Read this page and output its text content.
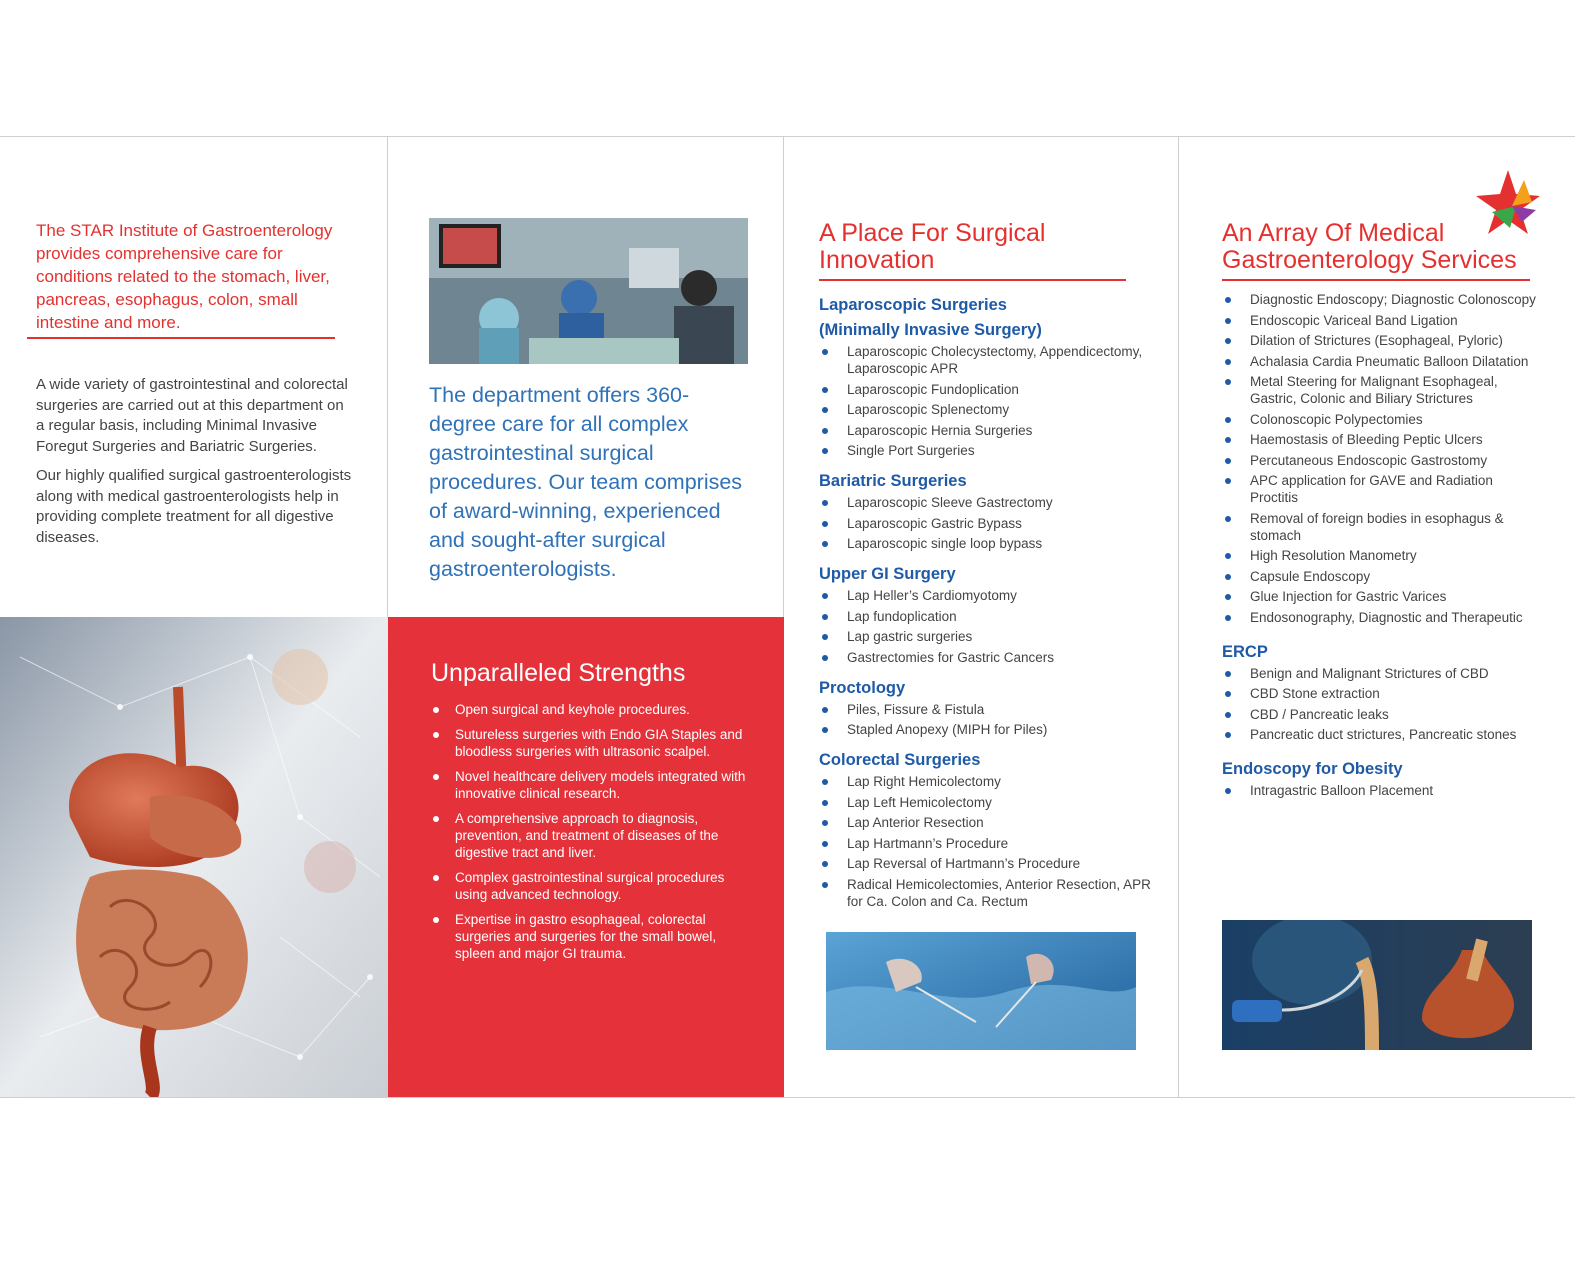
The STAR Institute of Gastroenterology provides comprehensive care for conditions related to the stomach, liver, pancreas, esophagus, colon, small intestine and more.

A wide variety of gastrointestinal and colorectal surgeries are carried out at this department on a regular basis, including Minimal Invasive Foregut Surgeries and Bariatric Surgeries.

Our highly qualified surgical gastroenterologists along with medical gastroenterologists help in providing complete treatment for all digestive diseases.

The department offers 360-degree care for all complex gastrointestinal surgical procedures. Our team comprises of award-winning, experienced and sought-after surgical gastroenterologists.

Unparalleled Strengths
Open surgical and keyhole procedures.
Sutureless surgeries with Endo GIA Staples and bloodless surgeries with ultrasonic scalpel.
Novel healthcare delivery models integrated with innovative clinical research.
A comprehensive approach to diagnosis, prevention, and treatment of diseases of the digestive tract and liver.
Complex gastrointestinal surgical procedures using advanced technology.
Expertise in gastro esophageal, colorectal surgeries and surgeries for the small bowel, spleen and major GI trauma.
A Place For Surgical
Innovation
Laparoscopic Surgeries
(Minimally Invasive Surgery)
Laparoscopic Cholecystectomy, Appendicectomy, Laparoscopic APR
Laparoscopic Fundoplication
Laparoscopic Splenectomy
Laparoscopic Hernia Surgeries
Single Port Surgeries
Bariatric Surgeries
Laparoscopic Sleeve Gastrectomy
Laparoscopic Gastric Bypass
Laparoscopic single loop bypass
Upper GI Surgery
Lap Heller’s Cardiomyotomy
Lap fundoplication
Lap gastric surgeries
Gastrectomies for Gastric Cancers
Proctology
Piles, Fissure & Fistula
Stapled Anopexy (MIPH for Piles)
Colorectal Surgeries
Lap Right Hemicolectomy
Lap Left Hemicolectomy
Lap Anterior Resection
Lap Hartmann’s Procedure
Lap Reversal of Hartmann’s Procedure
Radical Hemicolectomies, Anterior Resection, APR for Ca. Colon and Ca. Rectum
An Array Of Medical
Gastroenterology Services
Diagnostic Endoscopy; Diagnostic Colonoscopy
Endoscopic Variceal Band Ligation
Dilation of Strictures (Esophageal, Pyloric)
Achalasia Cardia Pneumatic Balloon Dilatation
Metal Steering for Malignant Esophageal, Gastric, Colonic and Biliary Strictures
Colonoscopic Polypectomies
Haemostasis of Bleeding Peptic Ulcers
Percutaneous Endoscopic Gastrostomy
APC application for GAVE and Radiation Proctitis
Removal of foreign bodies in esophagus & stomach
High Resolution Manometry
Capsule Endoscopy
Glue Injection for Gastric Varices
Endosonography, Diagnostic and Therapeutic
ERCP
Benign and Malignant Strictures of CBD
CBD Stone extraction
CBD / Pancreatic leaks
Pancreatic duct strictures, Pancreatic stones
Endoscopy for Obesity
Intragastric Balloon Placement
